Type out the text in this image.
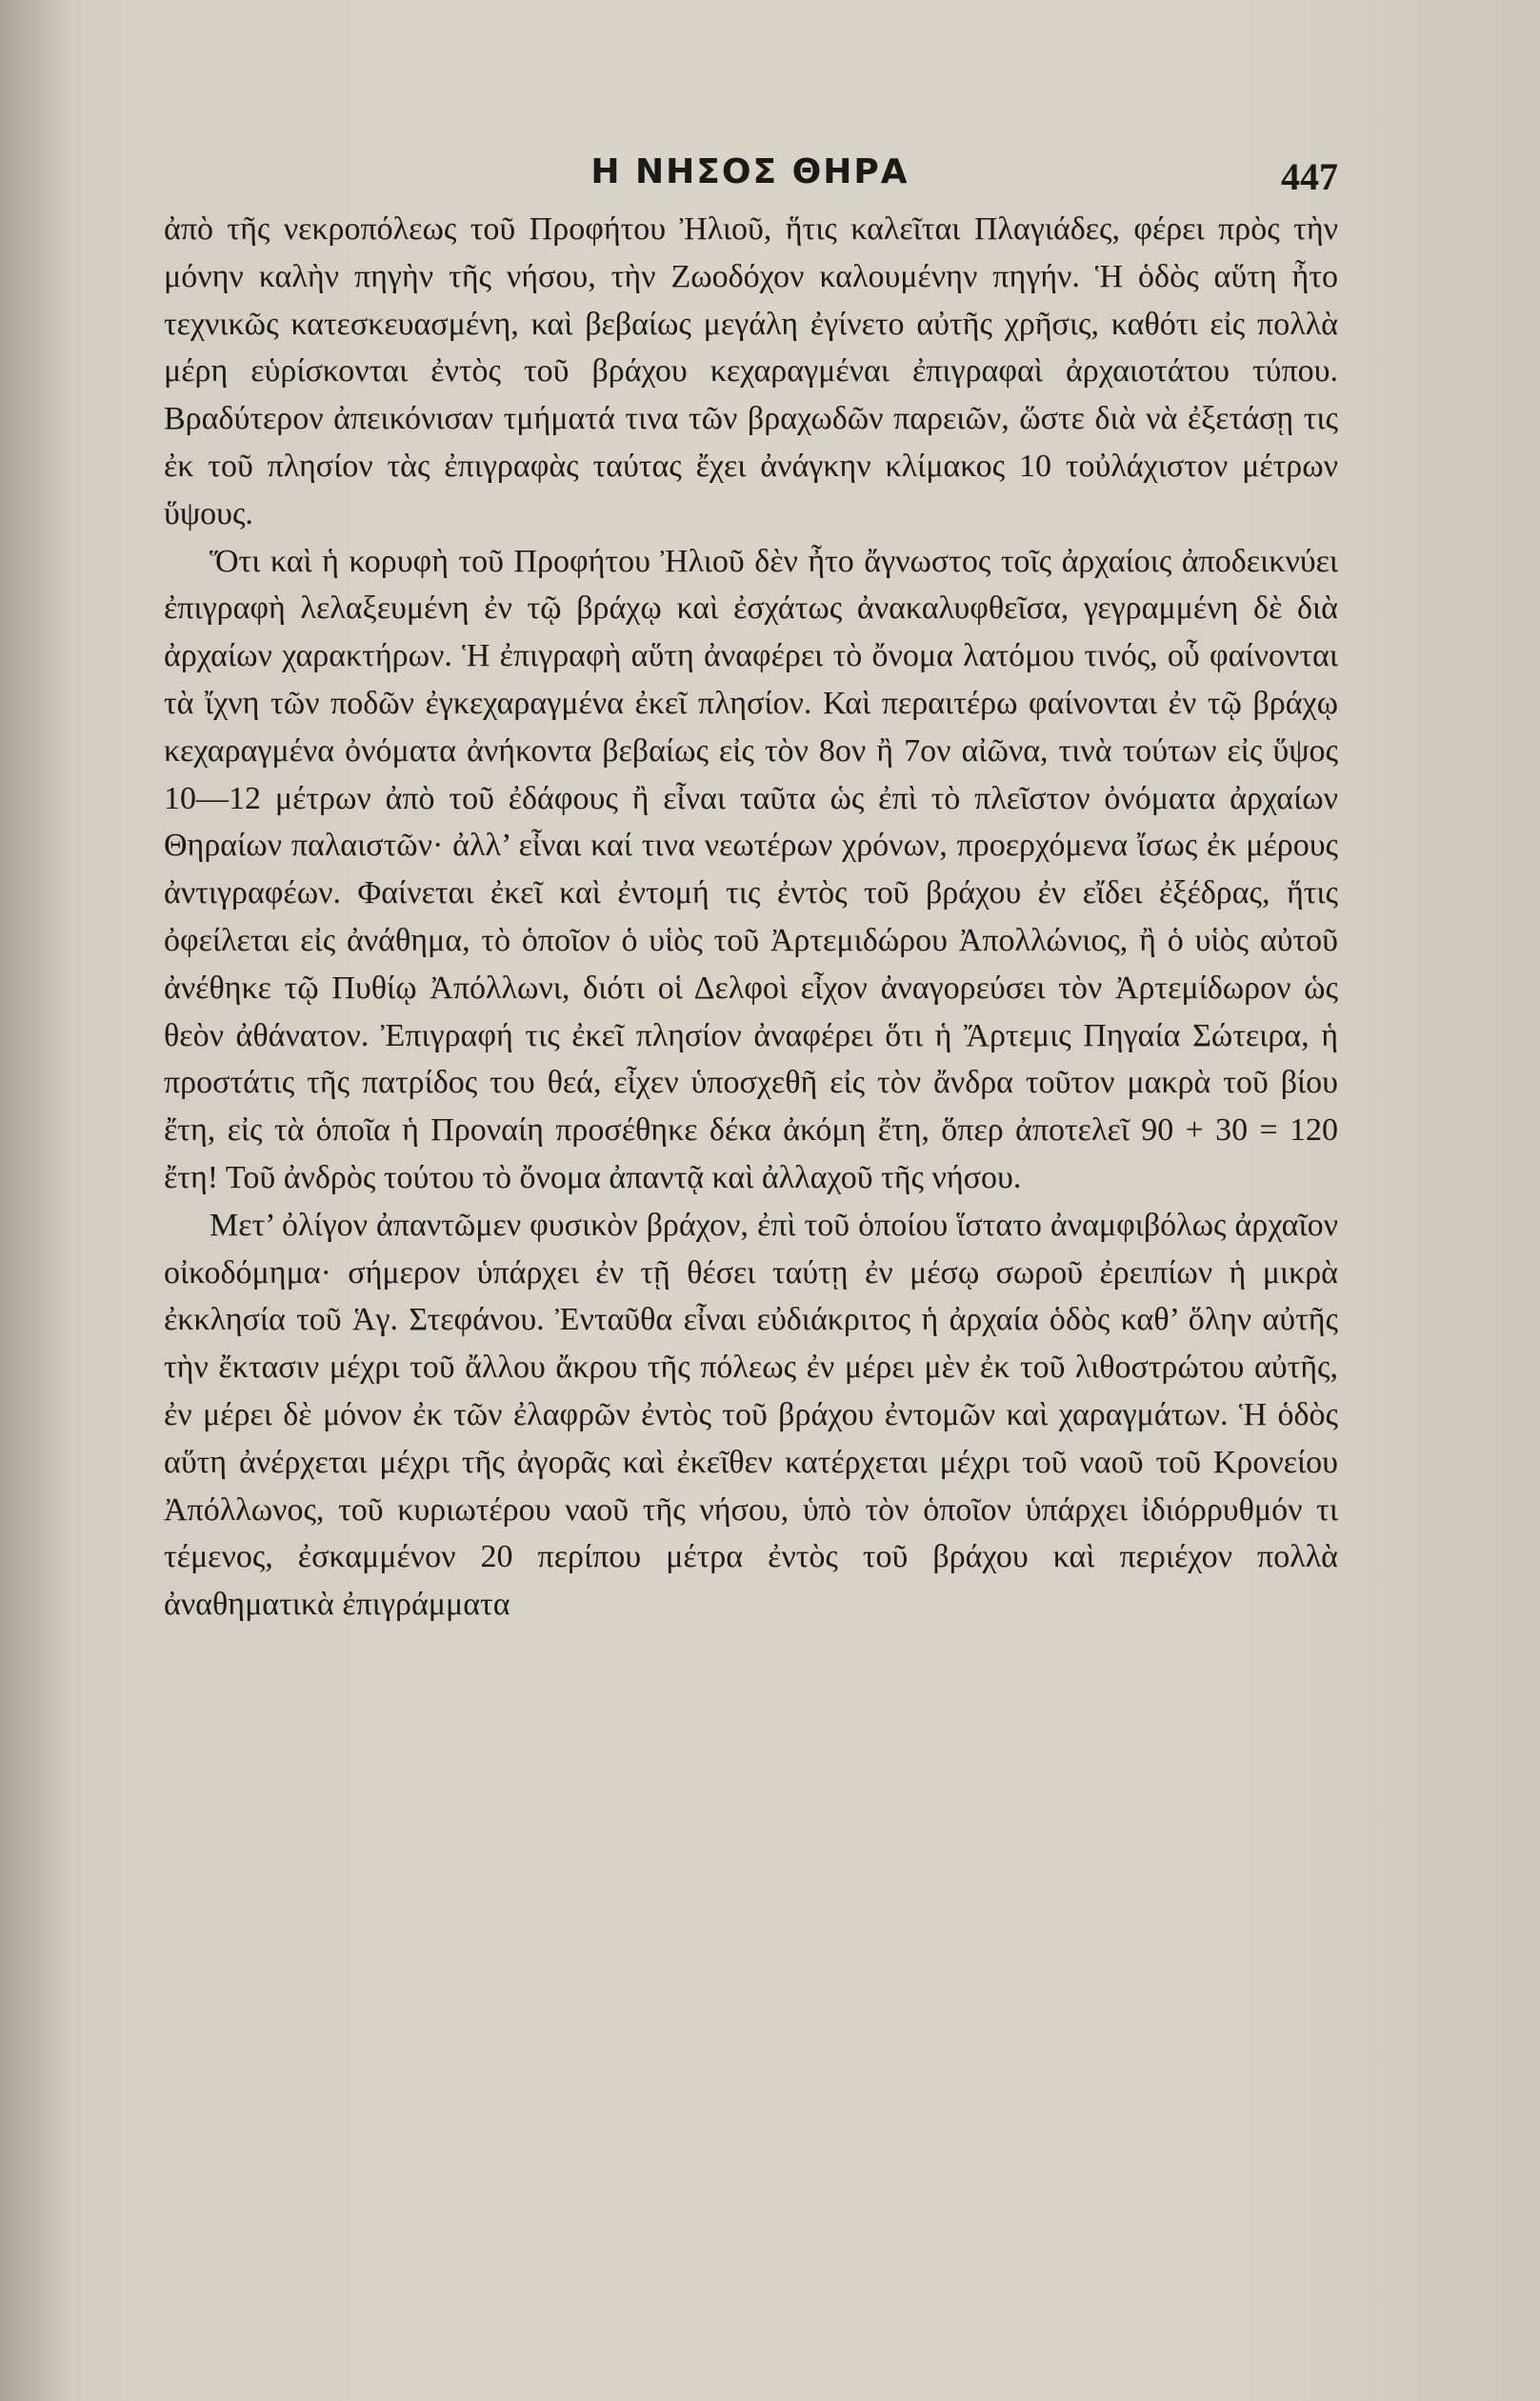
Η ΝΗΣΟΣ ΘΗΡΑ	447

ἀπὸ τῆς νεκροπόλεως τοῦ Προφήτου Ἠλιοῦ, ἥτις καλεῖται Πλαγιάδες, φέρει πρὸς τὴν μόνην καλὴν πηγὴν τῆς νήσου, τὴν Ζωοδόχον καλουμένην πηγήν. Ἡ ὁδὸς αὕτη ἦτο τεχνικῶς κατεσκευασμένη, καὶ βεβαίως μεγάλη ἐγίνετο αὐτῆς χρῆσις, καθότι εἰς πολλὰ μέρη εὑρίσκονται ἐντὸς τοῦ βράχου κεχαραγμέναι ἐπιγραφαὶ ἀρχαιοτάτου τύπου. Βραδύτερον ἀπεικόνισαν τμήματά τινα τῶν βραχωδῶν παρειῶν, ὥστε διὰ νὰ ἐξετάσῃ τις ἐκ τοῦ πλησίον τὰς ἐπιγραφὰς ταύτας ἔχει ἀνάγκην κλίμακος 10 τοὐλάχιστον μέτρων ὕψους.

Ὅτι καὶ ἡ κορυφὴ τοῦ Προφήτου Ἠλιοῦ δὲν ἦτο ἄγνωστος τοῖς ἀρχαίοις ἀποδεικνύει ἐπιγραφὴ λελαξευμένη ἐν τῷ βράχῳ καὶ ἐσχάτως ἀνακαλυφθεῖσα, γεγραμμένη δὲ διὰ ἀρχαίων χαρακτήρων. Ἡ ἐπιγραφὴ αὕτη ἀναφέρει τὸ ὄνομα λατόμου τινός, οὗ φαίνονται τὰ ἴχνη τῶν ποδῶν ἐγκεχαραγμένα ἐκεῖ πλησίον. Καὶ περαιτέρω φαίνονται ἐν τῷ βράχῳ κεχαραγμένα ὀνόματα ἀνήκοντα βεβαίως εἰς τὸν 8ον ἢ 7ον αἰῶνα, τινὰ τούτων εἰς ὕψος 10—12 μέτρων ἀπὸ τοῦ ἐδάφους ἢ εἶναι ταῦτα ὡς ἐπὶ τὸ πλεῖστον ὀνόματα ἀρχαίων Θηραίων παλαιστῶν· ἀλλ’ εἶναι καί τινα νεωτέρων χρόνων, προερχόμενα ἴσως ἐκ μέρους ἀντιγραφέων. Φαίνεται ἐκεῖ καὶ ἐντομή τις ἐντὸς τοῦ βράχου ἐν εἴδει ἐξέδρας, ἥτις ὀφείλεται εἰς ἀνάθημα, τὸ ὁποῖον ὁ υἱὸς τοῦ Ἀρτεμιδώρου Ἀπολλώνιος, ἢ ὁ υἱὸς αὐτοῦ ἀνέθηκε τῷ Πυθίῳ Ἀπόλλωνι, διότι οἱ Δελφοὶ εἶχον ἀναγορεύσει τὸν Ἀρτεμίδωρον ὡς θεὸν ἀθάνατον. Ἐπιγραφή τις ἐκεῖ πλησίον ἀναφέρει ὅτι ἡ Ἄρτεμις Πηγαία Σώτειρα, ἡ προστάτις τῆς πατρίδος του θεά, εἶχεν ὑποσχεθῆ εἰς τὸν ἄνδρα τοῦτον μακρὰ τοῦ βίου ἔτη, εἰς τὰ ὁποῖα ἡ Προναίη προσέθηκε δέκα ἀκόμη ἔτη, ὅπερ ἀποτελεῖ 90 + 30 = 120 ἔτη! Τοῦ ἀνδρὸς τούτου τὸ ὄνομα ἀπαντᾷ καὶ ἀλλαχοῦ τῆς νήσου.

Μετ’ ὀλίγον ἀπαντῶμεν φυσικὸν βράχον, ἐπὶ τοῦ ὁποίου ἵστατο ἀναμφιβόλως ἀρχαῖον οἰκοδόμημα· σήμερον ὑπάρχει ἐν τῇ θέσει ταύτῃ ἐν μέσῳ σωροῦ ἐρειπίων ἡ μικρὰ ἐκκλησία τοῦ Ἁγ. Στεφάνου. Ἐνταῦθα εἶναι εὐδιάκριτος ἡ ἀρχαία ὁδὸς καθ’ ὅλην αὐτῆς τὴν ἔκτασιν μέχρι τοῦ ἄλλου ἄκρου τῆς πόλεως ἐν μέρει μὲν ἐκ τοῦ λιθοστρώτου αὐτῆς, ἐν μέρει δὲ μόνον ἐκ τῶν ἐλαφρῶν ἐντὸς τοῦ βράχου ἐντομῶν καὶ χαραγμάτων. Ἡ ὁδὸς αὕτη ἀνέρχεται μέχρι τῆς ἀγορᾶς καὶ ἐκεῖθεν κατέρχεται μέχρι τοῦ ναοῦ τοῦ Κρονείου Ἀπόλλωνος, τοῦ κυριωτέρου ναοῦ τῆς νήσου, ὑπὸ τὸν ὁποῖον ὑπάρχει ἰδιόρρυθμόν τι τέμενος, ἐσκαμμένον 20 περίπου μέτρα ἐντὸς τοῦ βράχου καὶ περιέχον πολλὰ ἀναθηματικὰ ἐπιγράμματα
